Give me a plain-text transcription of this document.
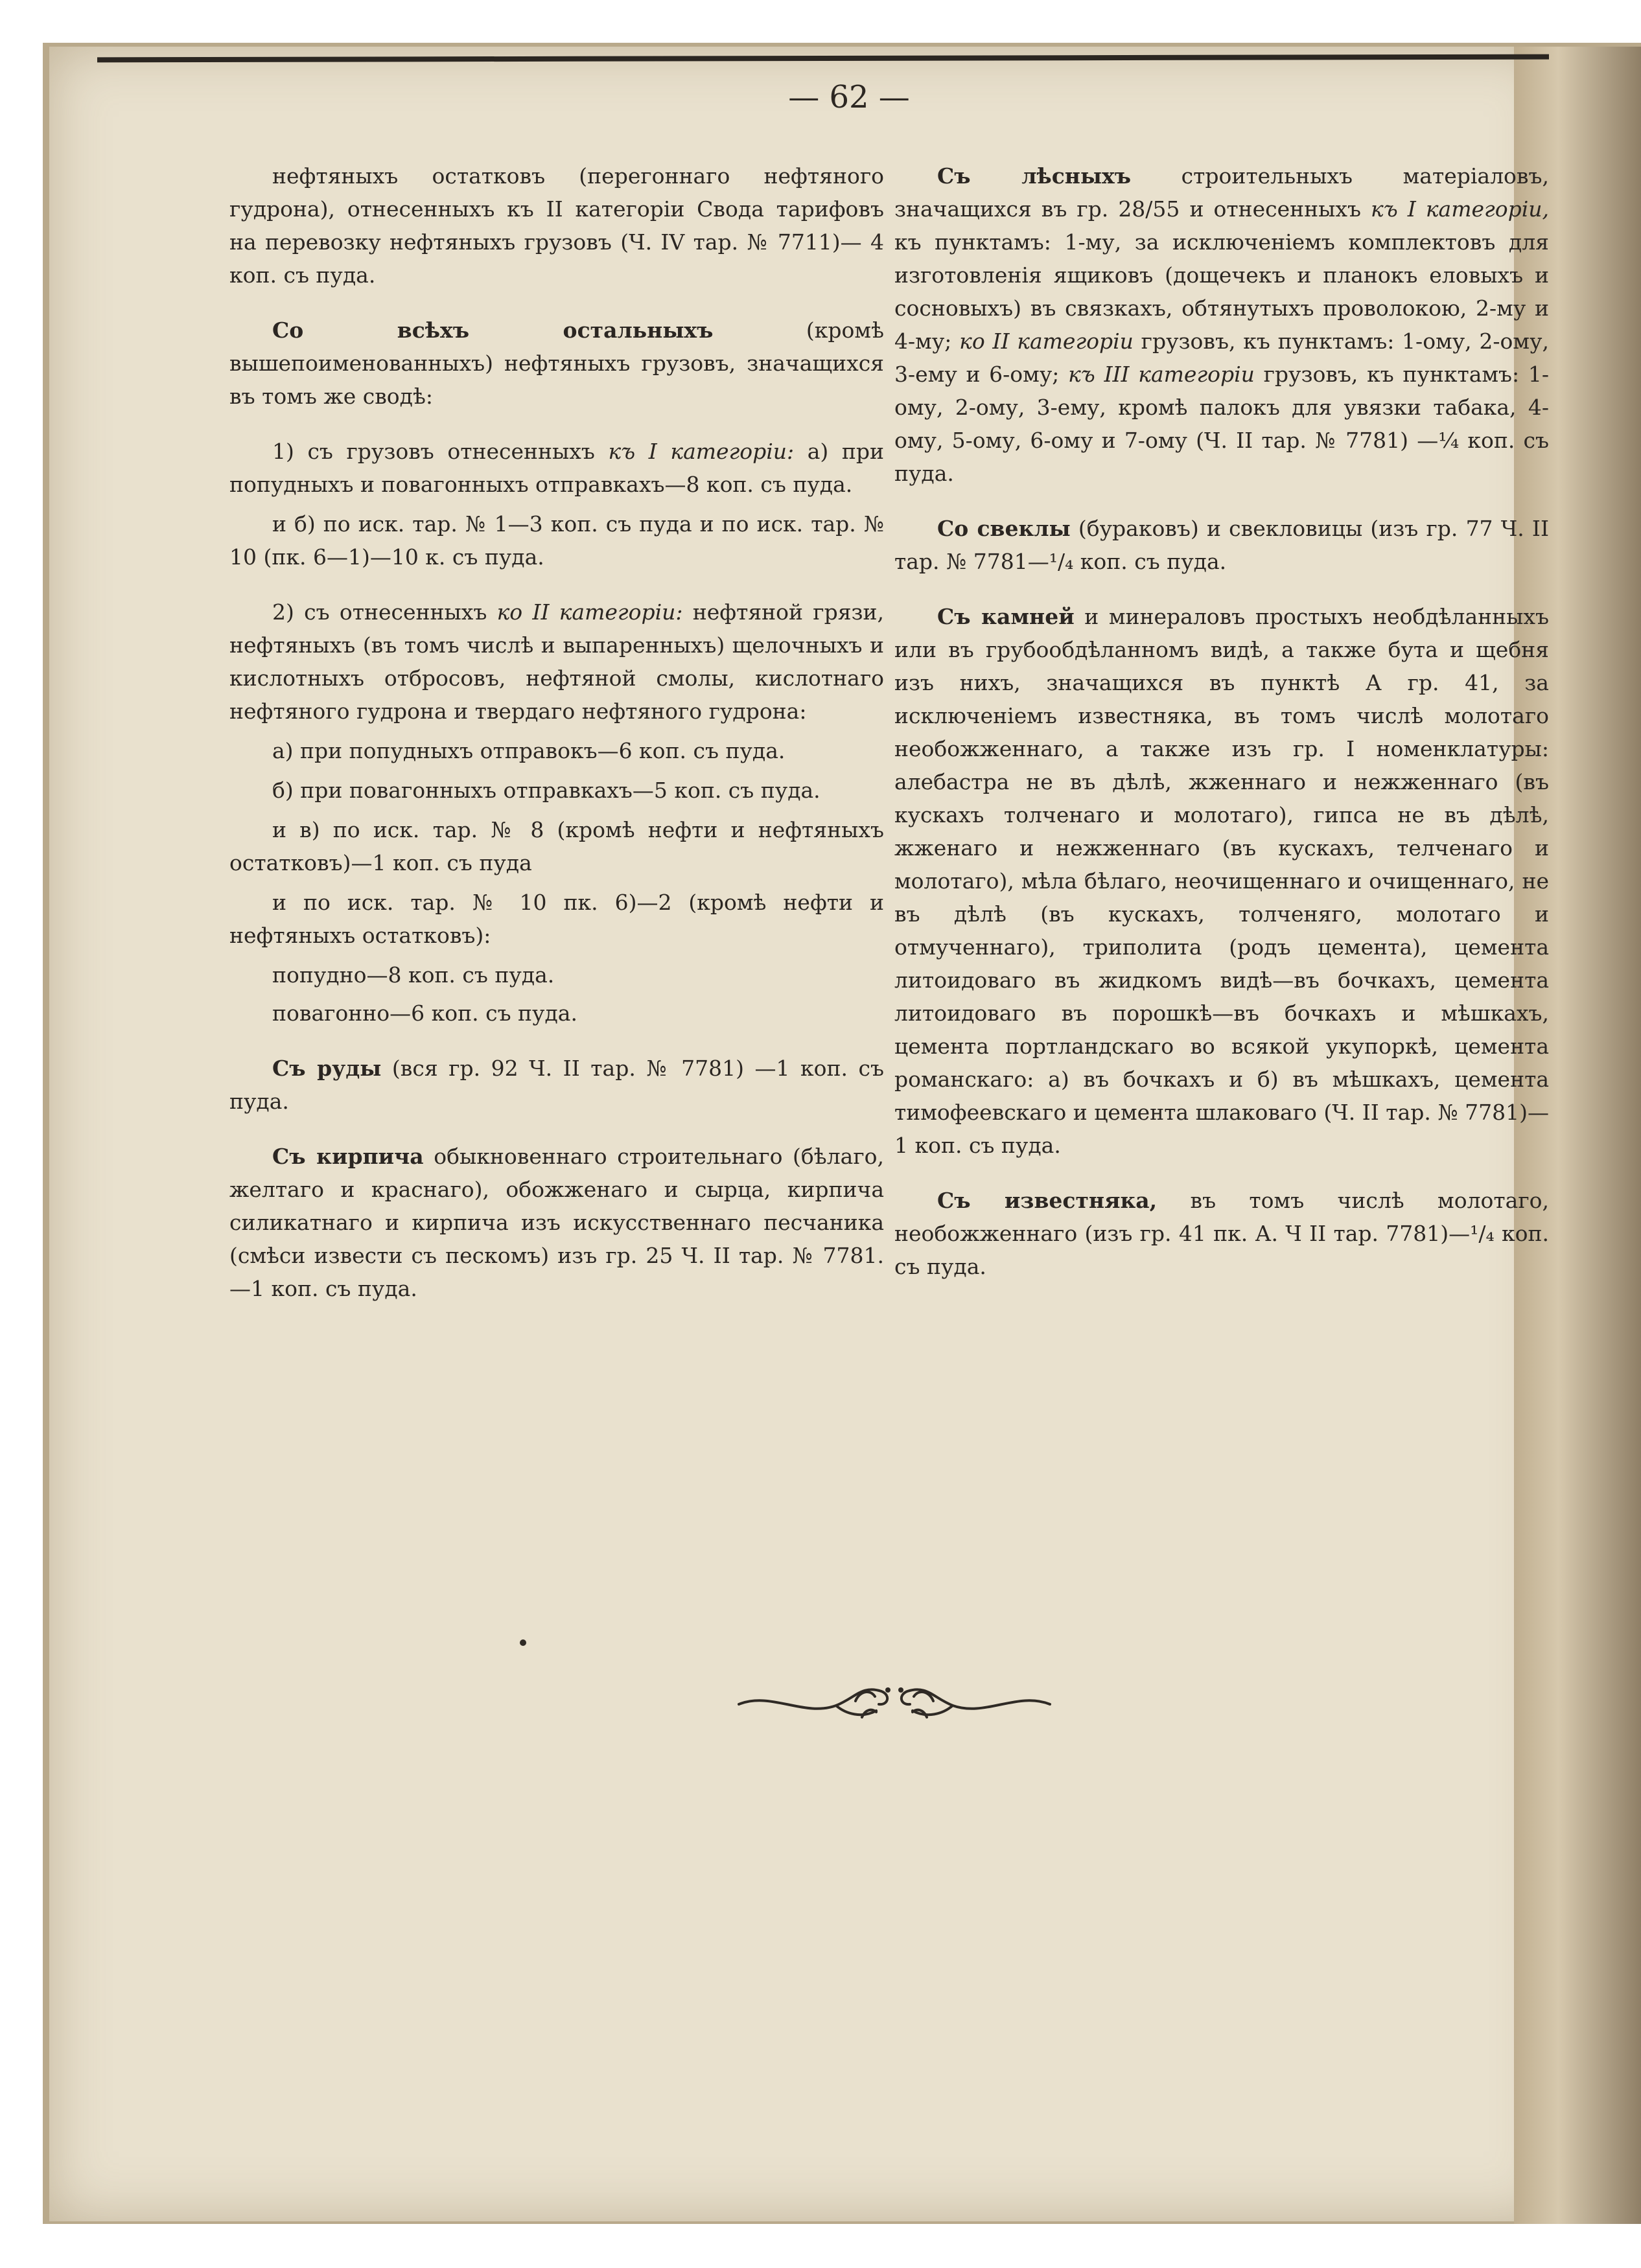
— 62 —

нефтяныхъ остатковъ (перегоннаго нефтяного гудрона), отнесенныхъ къ II категоріи Свода тарифовъ на перевозку нефтяныхъ грузовъ (Ч. IV тар. № 7711)— 4 коп. съ пуда.

Со всѣхъ остальныхъ (кромѣ вышепоименованныхъ) нефтяныхъ грузовъ, значащихся въ томъ же сводѣ:

1) съ грузовъ отнесенныхъ къ I категоріи: а) при попудныхъ и повагонныхъ отправкахъ—8 коп. съ пуда.

и б) по иск. тар. № 1—3 коп. съ пуда и по иск. тар. № 10 (пк. 6—1)—10 к. съ пуда.

2) съ отнесенныхъ ко II категоріи: нефтяной грязи, нефтяныхъ (въ томъ числѣ и выпаренныхъ) щелочныхъ и кислотныхъ отбросовъ, нефтяной смолы, кислотнаго нефтяного гудрона и твердаго нефтяного гудрона:

а) при попудныхъ отправокъ—6 коп. съ пуда.

б) при повагонныхъ отправкахъ—5 коп. съ пуда.

и в) по иск. тар. № 8 (кромѣ нефти и нефтяныхъ остатковъ)—1 коп. съ пуда

и по иск. тар. № 10 пк. 6)—2 (кромѣ нефти и нефтяныхъ остатковъ):

попудно—8 коп. съ пуда.

повагонно—6 коп. съ пуда.

Съ руды (вся гр. 92 Ч. II тар. № 7781) —1 коп. съ пуда.

Съ кирпича обыкновеннаго строительнаго (бѣлаго, желтаго и краснаго), обожженаго и сырца, кирпича силикатнаго и кирпича изъ искусственнаго песчаника (смѣси извести съ пескомъ) изъ гр. 25 Ч. II тар. № 7781.—1 коп. съ пуда.

Съ лѣсныхъ строительныхъ матеріаловъ, значащихся въ гр. 28/55 и отнесенныхъ къ I категоріи, къ пунктамъ: 1-му, за исключеніемъ комплектовъ для изготовленія ящиковъ (дощечекъ и планокъ еловыхъ и сосновыхъ) въ связкахъ, обтянутыхъ проволокою, 2-му и 4-му; ко II категоріи грузовъ, къ пунктамъ: 1-ому, 2-ому, 3-ему и 6-ому; къ III категоріи грузовъ, къ пунктамъ: 1-ому, 2-ому, 3-ему, кромѣ палокъ для увязки табака, 4-ому, 5-ому, 6-ому и 7-ому (Ч. II тар. № 7781) —¼ коп. съ пуда.

Со свеклы (бураковъ) и свекловицы (изъ гр. 77 Ч. II тар. № 7781—¹/₄ коп. съ пуда.

Съ камней и минераловъ простыхъ необдѣланныхъ или въ грубообдѣланномъ видѣ, а также бута и щебня изъ нихъ, значащихся въ пунктѣ А гр. 41, за исключеніемъ известняка, въ томъ числѣ молотаго необожженнаго, а также изъ гр. I номенклатуры: алебастра не въ дѣлѣ, жженнаго и нежженнаго (въ кускахъ толченаго и молотаго), гипса не въ дѣлѣ, жженаго и нежженнаго (въ кускахъ, телченаго и молотаго), мѣла бѣлаго, неочищеннаго и очищеннаго, не въ дѣлѣ (въ кускахъ, толченяго, молотаго и отмученнаго), триполита (родъ цемента), цемента литоидоваго въ жидкомъ видѣ—въ бочкахъ, цемента литоидоваго въ порошкѣ—въ бочкахъ и мѣшкахъ, цемента портландскаго во всякой укупоркѣ, цемента романскаго: а) въ бочкахъ и б) въ мѣшкахъ, цемента тимофеевскаго и цемента шлаковаго (Ч. II тар. № 7781)—1 коп. съ пуда.

Съ известняка, въ томъ числѣ молотаго, необожженнаго (изъ гр. 41 пк. А. Ч II тар. 7781)—¹/₄ коп. съ пуда.
